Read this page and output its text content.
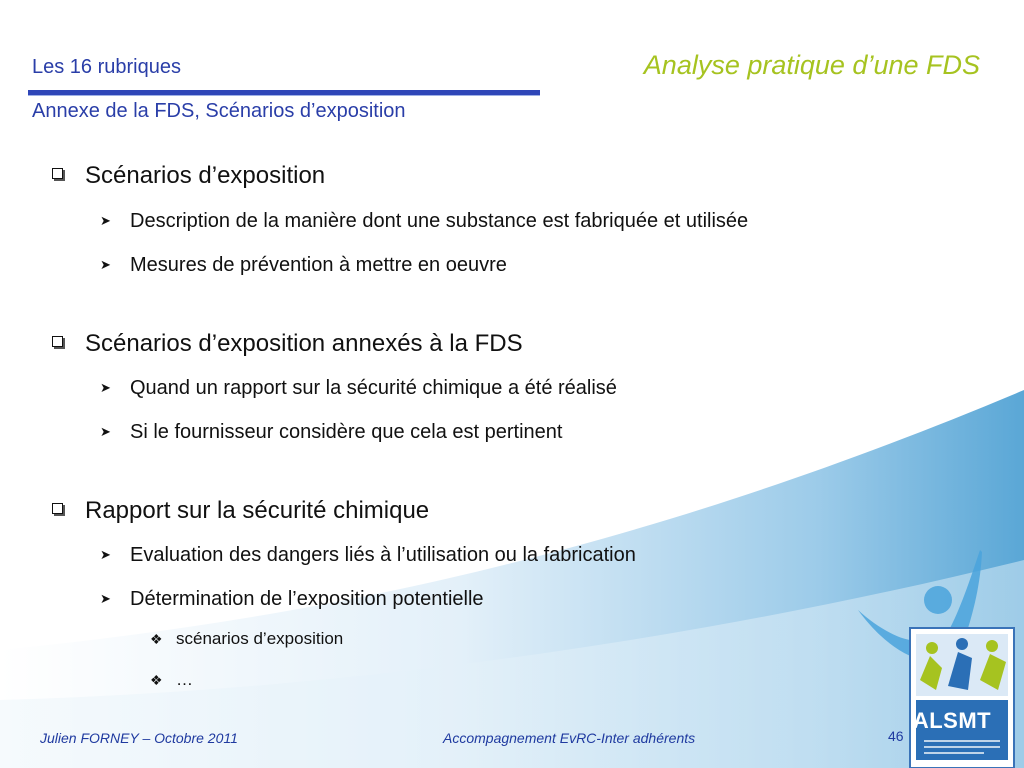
Les 16 rubriques
Annexe de la FDS, Scénarios d’exposition
Analyse pratique d’une FDS
Scénarios d’exposition
➤ Description de la manière dont une substance est fabriquée et utilisée
➤ Mesures de prévention à mettre en oeuvre
Scénarios d’exposition annexés à la FDS
➤ Quand un rapport sur la sécurité chimique a été réalisé
➤ Si le fournisseur considère que cela est pertinent
Rapport sur la sécurité chimique
➤ Evaluation des dangers liés à l’utilisation ou la fabrication
➤ Détermination de l’exposition potentielle
❖ scénarios d’exposition
❖ …
ALSMT
Julien FORNEY – Octobre 2011	Accompagnement EvRC-Inter adhérents	46
